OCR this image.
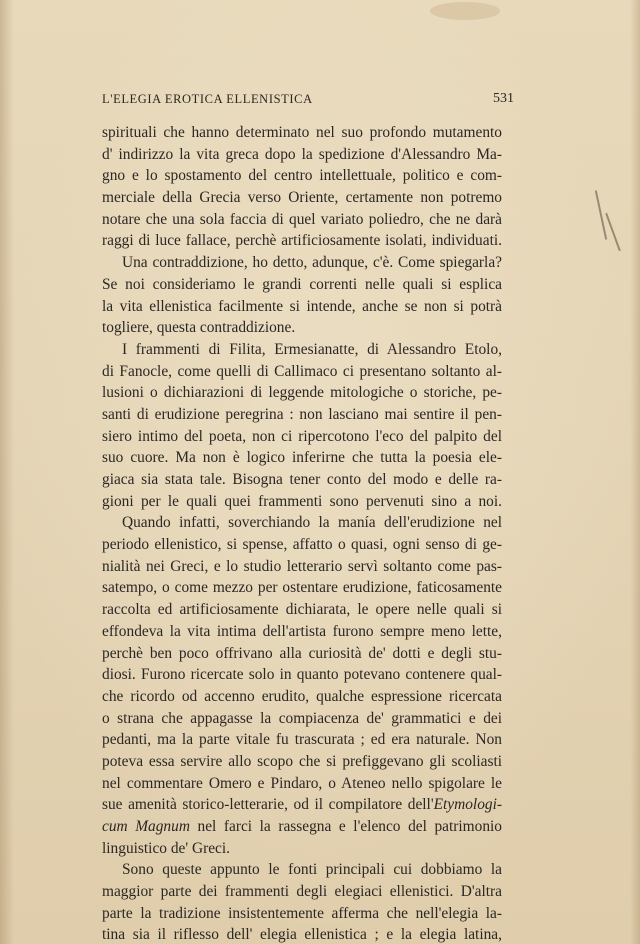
L'ELEGIA EROTICA ELLENISTICA	531
spirituali che hanno determinato nel suo profondo mutamento
d' indirizzo la vita greca dopo la spedizione d'Alessandro Ma-
gno e lo spostamento del centro intellettuale, politico e com-
merciale della Grecia verso Oriente, certamente non potremo
notare che una sola faccia di quel variato poliedro, che ne darà
raggi di luce fallace, perchè artificiosamente isolati, individuati.
Una contraddizione, ho detto, adunque, c'è. Come spiegarla?
Se noi consideriamo le grandi correnti nelle quali si esplica
la vita ellenistica facilmente si intende, anche se non si potrà
togliere, questa contraddizione.
I frammenti di Filita, Ermesianatte, di Alessandro Etolo,
di Fanocle, come quelli di Callimaco ci presentano soltanto al-
lusioni o dichiarazioni di leggende mitologiche o storiche, pe-
santi di erudizione peregrina : non lasciano mai sentire il pen-
siero intimo del poeta, non ci ripercotono l'eco del palpito del
suo cuore. Ma non è logico inferirne che tutta la poesia ele-
giaca sia stata tale. Bisogna tener conto del modo e delle ra-
gioni per le quali quei frammenti sono pervenuti sino a noi.
Quando infatti, soverchiando la manía dell'erudizione nel
periodo ellenistico, si spense, affatto o quasi, ogni senso di ge-
nialità nei Greci, e lo studio letterario servì soltanto come pas-
satempo, o come mezzo per ostentare erudizione, faticosamente
raccolta ed artificiosamente dichiarata, le opere nelle quali si
effondeva la vita intima dell'artista furono sempre meno lette,
perchè ben poco offrivano alla curiosità de' dotti e degli stu-
diosi. Furono ricercate solo in quanto potevano contenere qual-
che ricordo od accenno erudito, qualche espressione ricercata
o strana che appagasse la compiacenza de' grammatici e dei
pedanti, ma la parte vitale fu trascurata ; ed era naturale. Non
poteva essa servire allo scopo che si prefiggevano gli scoliasti
nel commentare Omero e Pindaro, o Ateneo nello spigolare le
sue amenità storico-letterarie, od il compilatore dell'Etymologi-
cum Magnum nel farci la rassegna e l'elenco del patrimonio
linguistico de' Greci.
Sono queste appunto le fonti principali cui dobbiamo la
maggior parte dei frammenti degli elegiaci ellenistici. D'altra
parte la tradizione insistentemente afferma che nell'elegia la-
tina sia il riflesso dell' elegia ellenistica ; e la elegia latina,
